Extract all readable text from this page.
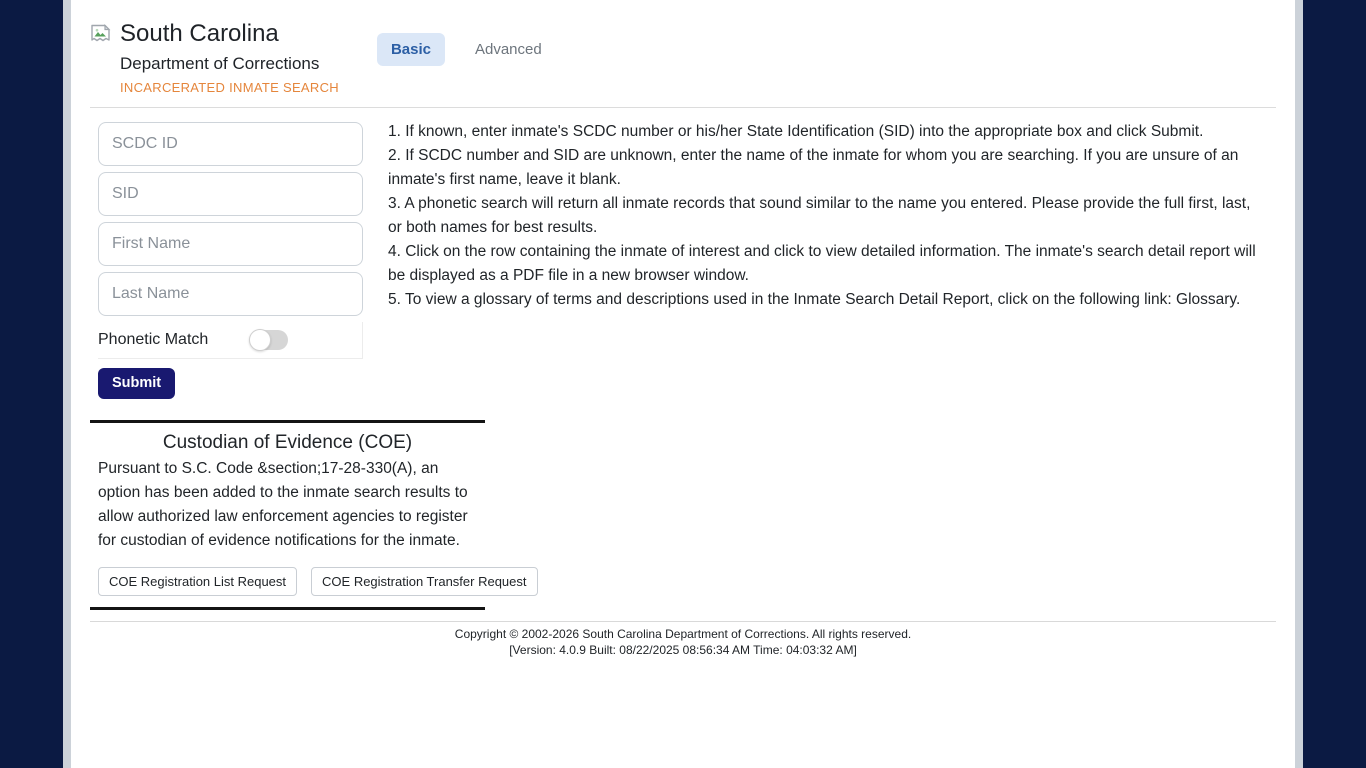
South Carolina
Department of Corrections
INCARCERATED INMATE SEARCH
Basic	Advanced
SCDC ID
SID
First Name
Last Name
Phonetic Match
Submit

1. If known, enter inmate's SCDC number or his/her State Identification (SID) into the appropriate box and click Submit.

2. If SCDC number and SID are unknown, enter the name of the inmate for whom you are searching. If you are unsure of an inmate's first name, leave it blank.

3. A phonetic search will return all inmate records that sound similar to the name you entered. Please provide the full first, last, or both names for best results.

4. Click on the row containing the inmate of interest and click to view detailed information. The inmate's search detail report will be displayed as a PDF file in a new browser window.

5. To view a glossary of terms and descriptions used in the Inmate Search Detail Report, click on the following link: Glossary.

Custodian of Evidence (COE)
Pursuant to S.C. Code &section;17-28-330(A), an option has been added to the inmate search results to allow authorized law enforcement agencies to register for custodian of evidence notifications for the inmate.
COE Registration List Request	COE Registration Transfer Request
Copyright © 2002-2026 South Carolina Department of Corrections. All rights reserved.
[Version: 4.0.9 Built: 08/22/2025 08:56:34 AM Time: 04:03:32 AM]
